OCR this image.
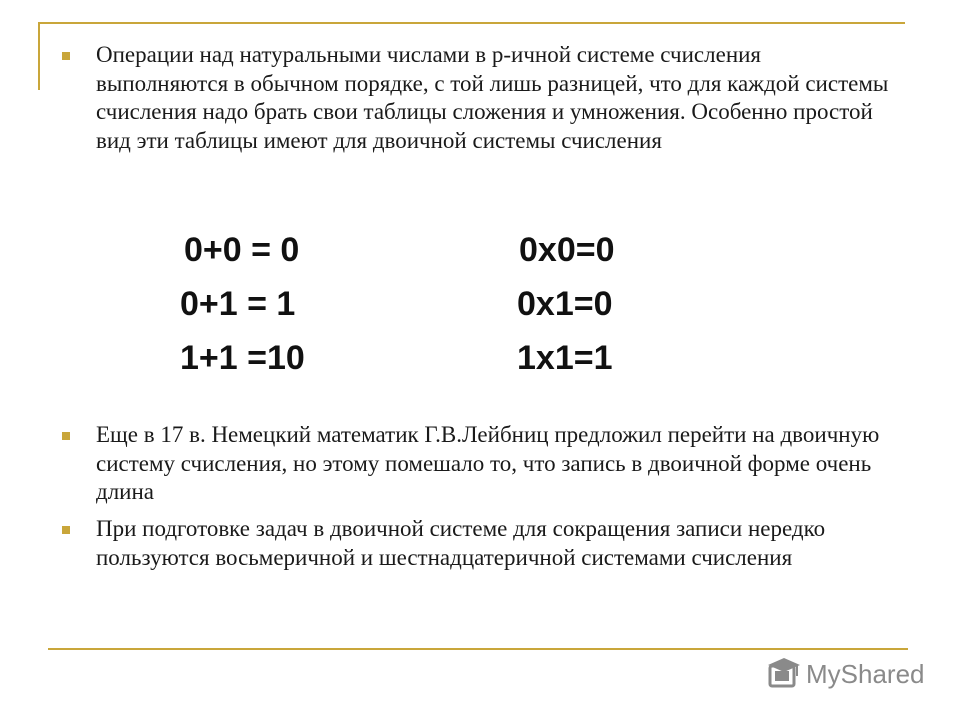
Операции над натуральными числами в р-ичной системе счисления выполняются в обычном порядке, с той лишь разницей, что для каждой системы счисления надо брать свои таблицы сложения и умножения. Особенно простой вид эти таблицы имеют для двоичной системы счисления
0+0 = 0
0+1 = 1
1+1 =10
0x0=0
0x1=0
1x1=1
Еще в 17 в. Немецкий математик Г.В.Лейбниц предложил перейти на двоичную систему счисления, но этому помешало то, что запись в двоичной форме очень длина
При подготовке задач в двоичной системе для сокращения записи нередко пользуются восьмеричной и шестнадцатеричной системами счисления
MyShared
